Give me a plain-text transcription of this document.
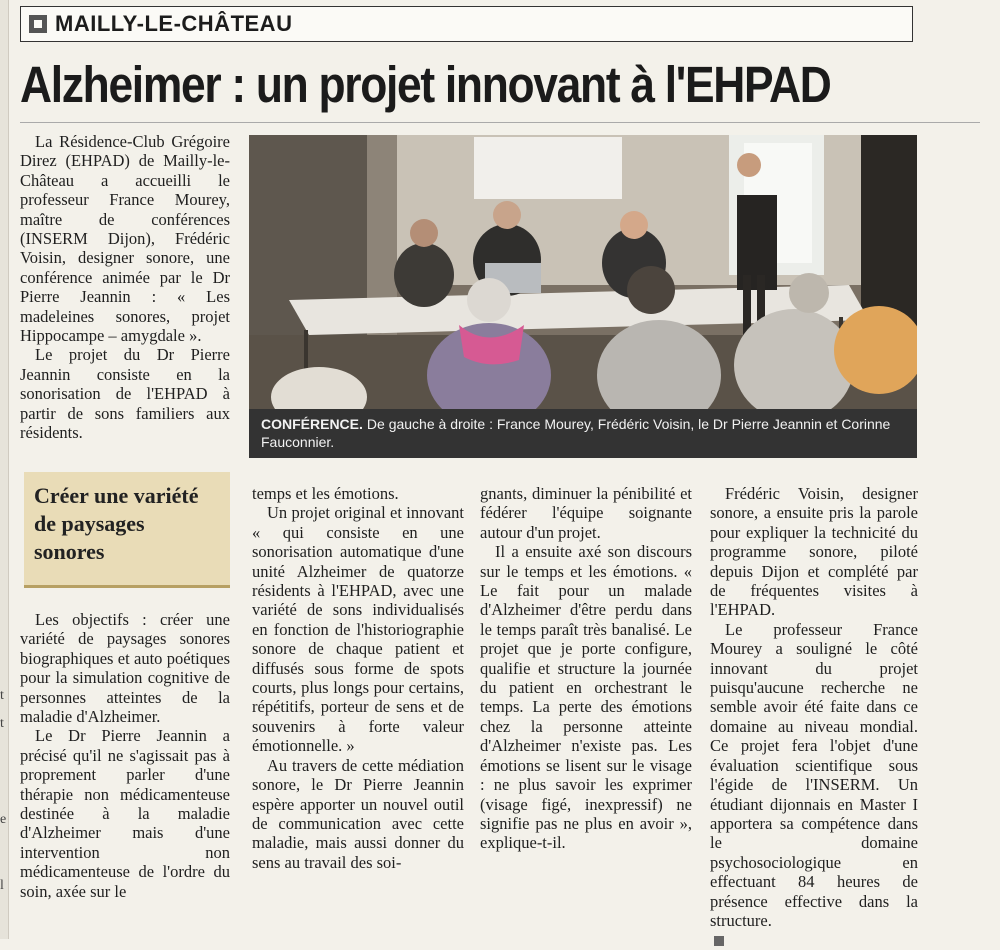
t
t
e
l
MAILLY-LE-CHÂTEAU
Alzheimer : un projet innovant à l'EHPAD

La Résidence-Club Grégoire Direz (EHPAD) de Mailly-le-Château a accueilli le professeur France Mourey, maître de conférences (INSERM Dijon), Frédéric Voisin, designer sonore, une conférence animée par le Dr Pierre Jeannin : « Les madeleines sonores, projet Hippocampe – amygdale ».

Le projet du Dr Pierre Jeannin consiste en la sonorisation de l'EHPAD à partir de sons familiers aux résidents.	CONFÉRENCE. De gauche à droite : France Mourey, Frédéric Voisin, le Dr Pierre Jeannin et Corinne Fauconnier.
Créer une variété de paysages sonores

Les objectifs : créer une variété de paysages sonores biographiques et auto poétiques pour la simulation cognitive de personnes atteintes de la maladie d'Alzheimer.

Le Dr Pierre Jeannin a précisé qu'il ne s'agissait pas à proprement parler d'une thérapie non médicamenteuse destinée à la maladie d'Alzheimer mais d'une intervention non médicamenteuse de l'ordre du soin, axée sur le

temps et les émotions.

Un projet original et innovant « qui consiste en une sonorisation automatique d'une unité Alzheimer de quatorze résidents à l'EHPAD, avec une variété de sons individualisés en fonction de l'historiographie sonore de chaque patient et diffusés sous forme de spots courts, plus longs pour certains, répétitifs, porteur de sens et de souvenirs à forte valeur émotionnelle. »

Au travers de cette médiation sonore, le Dr Pierre Jeannin espère apporter un nouvel outil de communication avec cette maladie, mais aussi donner du sens au travail des soi-

gnants, diminuer la pénibilité et fédérer l'équipe soignante autour d'un projet.

Il a ensuite axé son discours sur le temps et les émotions. « Le fait pour un malade d'Alzheimer d'être perdu dans le temps paraît très banalisé. Le projet que je porte configure, qualifie et structure la journée du patient en orchestrant le temps. La perte des émotions chez la personne atteinte d'Alzheimer n'existe pas. Les émotions se lisent sur le visage : ne plus savoir les exprimer (visage figé, inexpressif) ne signifie pas ne plus en avoir », explique-t-il.

Frédéric Voisin, designer sonore, a ensuite pris la parole pour expliquer la technicité du programme sonore, piloté depuis Dijon et complété par de fréquentes visites à l'EHPAD.

Le professeur France Mourey a souligné le côté innovant du projet puisqu'aucune recherche ne semble avoir été faite dans ce domaine au niveau mondial. Ce projet fera l'objet d'une évaluation scientifique sous l'égide de l'INSERM. Un étudiant dijonnais en Master I apportera sa compétence dans le domaine psychosociologique en effectuant 84 heures de présence effective dans la structure.
